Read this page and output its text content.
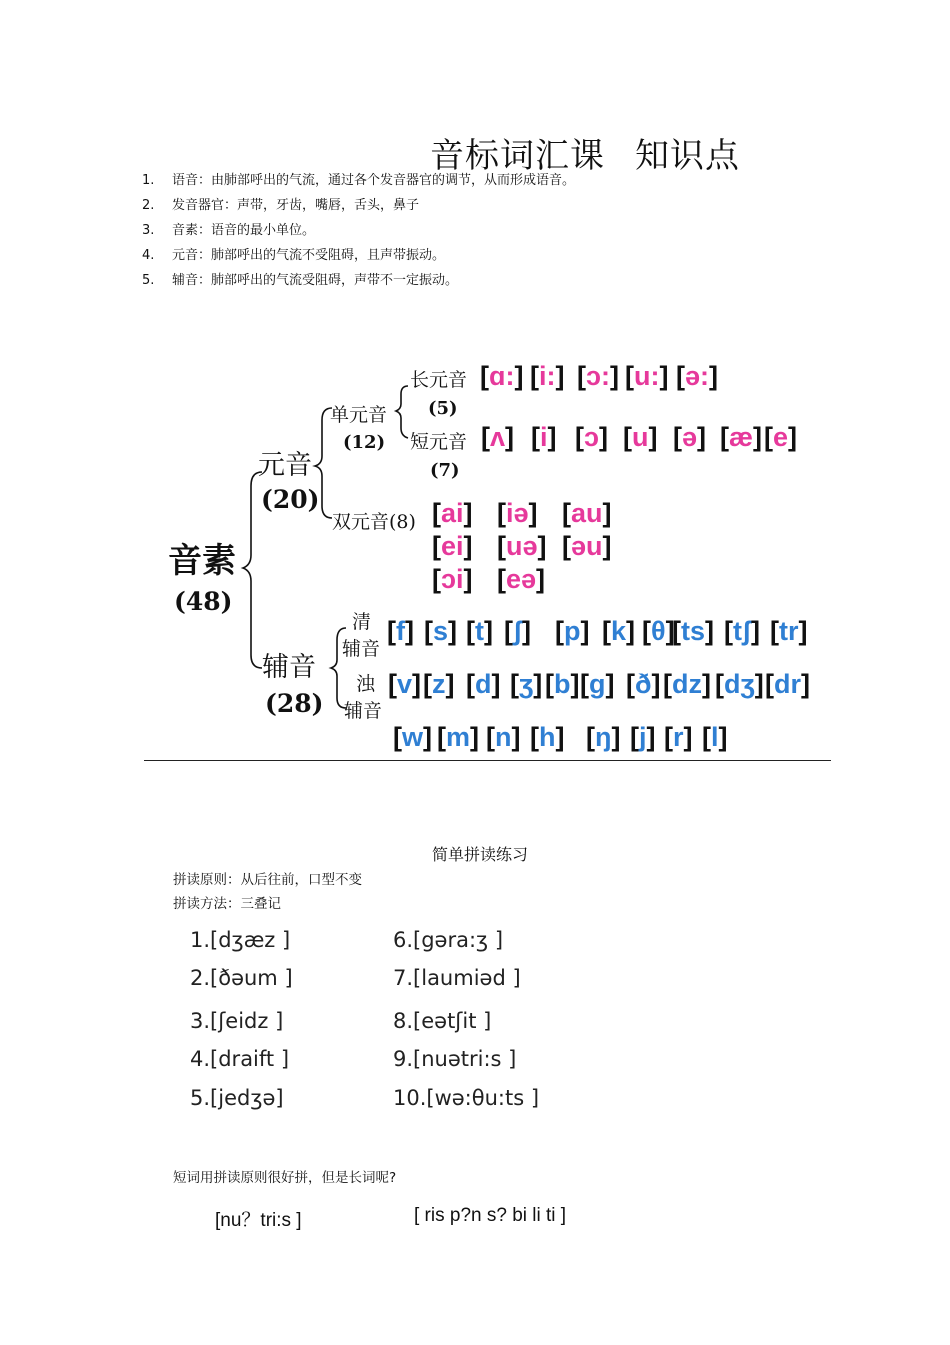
音标词汇课 知识点
1. 语音：由肺部呼出的气流，通过各个发音器官的调节，从而形成语音。
2. 发音器官：声带，牙齿，嘴唇，舌头，鼻子
3. 音素：语音的最小单位。
4. 元音：肺部呼出的气流不受阻碍，且声带振动。
5. 辅音：肺部呼出的气流受阻碍，声带不一定振动。
音素
(48)
元音
(20)
辅音
(28)
单元音
(12)
长元音
(5)
短元音
(7)
双元音(8)
清
辅音
浊
辅音
[ɑ:] [i:] [ɔ:] [u:] [ə:]
[ʌ] [i] [ɔ] [u] [ə] [æ] [e]
[ai] [iə] [au]
[ei] [uə] [əu]
[ɔi] [eə]
[f] [s] [t] [ʃ] [p] [k] [θ]
[ts] [tʃ] [tr]
[v] [z] [d] [ʒ] [b] [g] [ð] [dz] [dʒ] [dr]
[w] [m] [n] [h] [ŋ] [j] [r] [l]
简单拼读练习
拼读原则：从后往前，口型不变
拼读方法：三叠记
1.[dʒæz ]
2.[ðəum ]
3.[ʃeidz ]
4.[draift ]
5.[jedʒə]
6.[gəra:ʒ ]
7.[laumiəd ]
8.[eətʃit ]
9.[nuətri:s ]
10.[wə:θu:ts ]
短词用拼读原则很好拼，但是长词呢?
[nu？tri:s ]	[ ris p?n s? bi li ti ]
